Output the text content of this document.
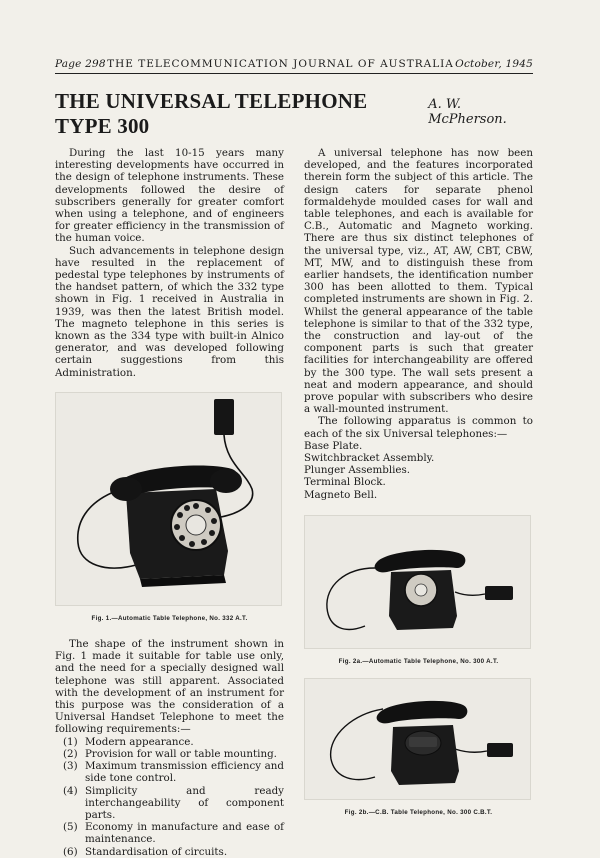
Page 298 THE TELECOMMUNICATION JOURNAL OF AUSTRALIA October, 1945
THE UNIVERSAL TELEPHONE TYPE 300
A. W. McPherson.

During the last 10-15 years many interesting developments have occurred in the design of telephone instruments. These developments followed the desire of subscribers generally for greater comfort when using a telephone, and of engineers for greater efficiency in the transmission of the human voice.

Such advancements in telephone design have resulted in the replacement of pedestal type telephones by instruments of the handset pattern, of which the 332 type shown in Fig. 1 received in Australia in 1939, was then the latest British model. The magneto telephone in this series is known as the 334 type with built-in Alnico generator, and was developed following certain suggestions from this Administration.

Fig. 1.—Automatic Table Telephone, No. 332 A.T.

The shape of the instrument shown in Fig. 1 made it suitable for table use only, and the need for a specially designed wall telephone was still apparent. Associated with the development of an instrument for this purpose was the consideration of a Universal Handset Telephone to meet the following requirements:—

(1) Modern appearance.
(2) Provision for wall or table mounting.
(3) Maximum transmission efficiency and side tone control.
(4) Simplicity and ready interchangeability of component parts.
(5) Economy in manufacture and ease of maintenance.
(6) Standardisation of circuits.

A universal telephone has now been developed, and the features incorporated therein form the subject of this article. The design caters for separate phenol formaldehyde moulded cases for wall and table telephones, and each is available for C.B., Automatic and Magneto working. There are thus six distinct telephones of the universal type, viz., AT, AW, CBT, CBW, MT, MW, and to distinguish these from earlier handsets, the identification number 300 has been allotted to them. Typical completed instruments are shown in Fig. 2. Whilst the general appearance of the table telephone is similar to that of the 332 type, the construction and lay-out of the component parts is such that greater facilities for interchangeability are offered by the 300 type. The wall sets present a neat and modern appearance, and should prove popular with subscribers who desire a wall-mounted instrument.

The following apparatus is common to each of the six Universal telephones:—

Base Plate.
Switchbracket Assembly.
Plunger Assemblies.
Terminal Block.
Magneto Bell.
Fig. 2a.—Automatic Table Telephone, No. 300 A.T.
Fig. 2b.—C.B. Table Telephone, No. 300 C.B.T.
